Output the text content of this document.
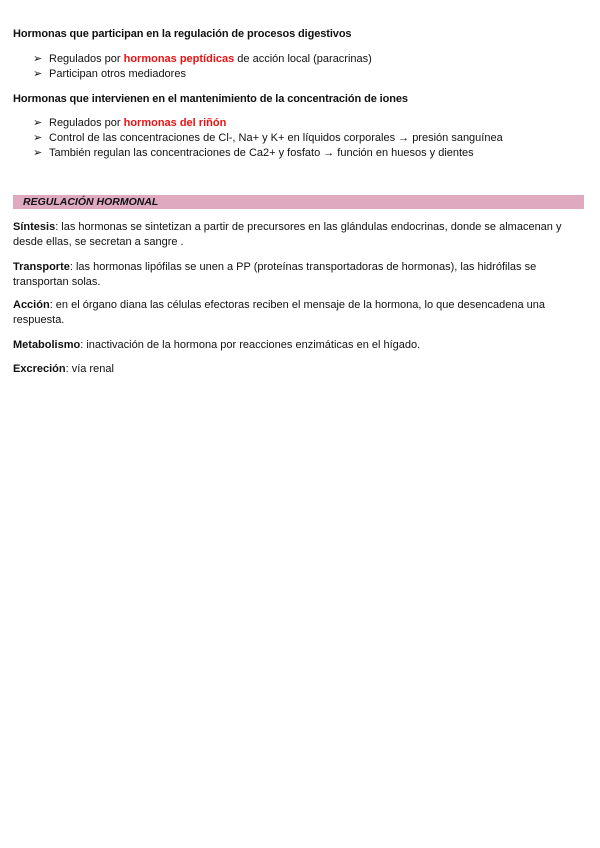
Hormonas que participan en la regulación de procesos digestivos
➢ Regulados por hormonas peptídicas de acción local (paracrinas)
➢ Participan otros mediadores
Hormonas que intervienen en el mantenimiento de la concentración de iones
➢ Regulados por hormonas del riñón
➢ Control de las concentraciones de Cl-, Na+ y K+ en líquidos corporales → presión sanguínea
➢ También regulan las concentraciones de Ca2+ y fosfato → función en huesos y dientes
REGULACIÓN HORMONAL

Síntesis: las hormonas se sintetizan a partir de precursores en las glándulas endocrinas, donde se almacenan y desde ellas, se secretan a sangre .

Transporte: las hormonas lipófilas se unen a PP (proteínas transportadoras de hormonas), las hidrófilas se transportan solas.

Acción: en el órgano diana las células efectoras reciben el mensaje de la hormona, lo que desencadena una respuesta.

Metabolismo: inactivación de la hormona por reacciones enzimáticas en el hígado.

Excreción: vía renal
